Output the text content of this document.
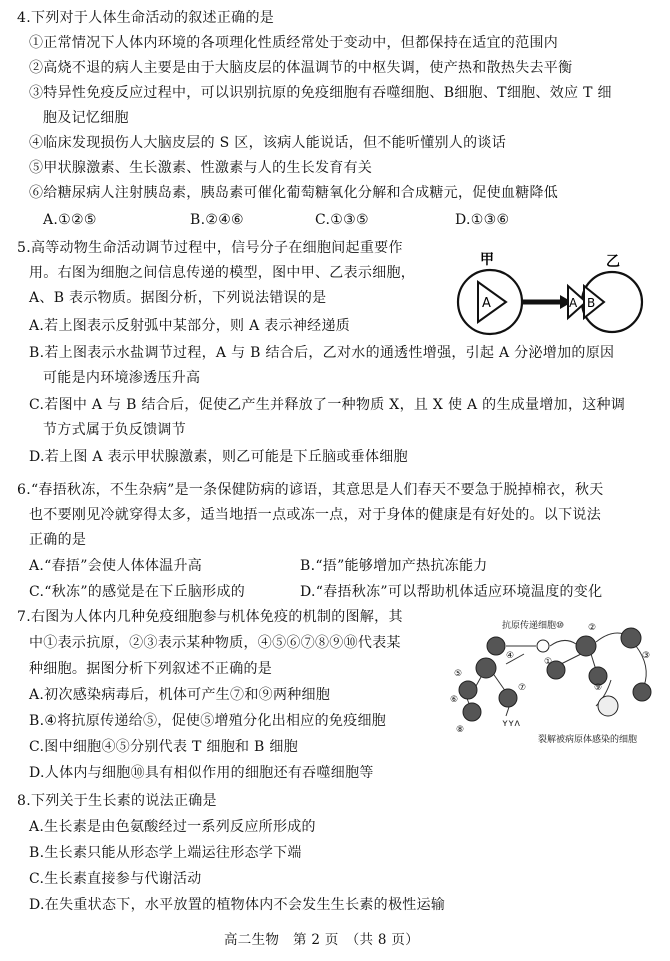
4.下列对于人体生命活动的叙述正确的是
①正常情况下人体内环境的各项理化性质经常处于变动中，但都保持在适宜的范围内
②高烧不退的病人主要是由于大脑皮层的体温调节的中枢失调，使产热和散热失去平衡
③特异性免疫反应过程中，可以识别抗原的免疫细胞有吞噬细胞、B细胞、T细胞、效应 T 细
胞及记忆细胞
④临床发现损伤人大脑皮层的 S 区，该病人能说话，但不能听懂别人的谈话
⑤甲状腺激素、生长激素、性激素与人的生长发育有关
⑥给糖尿病人注射胰岛素，胰岛素可催化葡萄糖氧化分解和合成糖元，促使血糖降低
A.①②⑤	B.②④⑥	C.①③⑤	D.①③⑥
5.高等动物生命活动调节过程中，信号分子在细胞间起重要作
用。右图为细胞之间信息传递的模型，图中甲、乙表示细胞，
A、B 表示物质。据图分析，下列说法错误的是
A.若上图表示反射弧中某部分，则 A 表示神经递质
B.若上图表示水盐调节过程，A 与 B 结合后，乙对水的通透性增强，引起 A 分泌增加的原因
可能是内环境渗透压升高
C.若图中 A 与 B 结合后，促使乙产生并释放了一种物质 X，且 X 使 A 的生成量增加，这种调
节方式属于负反馈调节
D.若上图 A 表示甲状腺激素，则乙可能是下丘脑或垂体细胞
甲
A
乙
A B
6.“春捂秋冻，不生杂病”是一条保健防病的谚语，其意思是人们春天不要急于脱掉棉衣，秋天
也不要刚见冷就穿得太多，适当地捂一点或冻一点，对于身体的健康是有好处的。以下说法
正确的是
A.“春捂”会使人体体温升高	B.“捂”能够增加产热抗冻能力
C.“秋冻”的感觉是在下丘脑形成的	D.“春捂秋冻”可以帮助机体适应环境温度的变化
7.右图为人体内几种免疫细胞参与机体免疫的机制的图解，其
中①表示抗原，②③表示某种物质，④⑤⑥⑦⑧⑨⑩代表某
种细胞。据图分析下列叙述不正确的是
A.初次感染病毒后，机体可产生⑦和⑨两种细胞
B.④将抗原传递给⑤，促使⑤增殖分化出相应的免疫细胞
C.图中细胞④⑤分别代表 T 细胞和 B 细胞
D.人体内与细胞⑩具有相似作用的细胞还有吞噬细胞等
抗原传递细胞⑩
①
②
③
④
⑤
⑥
⑦
⑧
⑨
裂解被病原体感染的细胞
ʏʏʌ
8.下列关于生长素的说法正确是
A.生长素是由色氨酸经过一系列反应所形成的
B.生长素只能从形态学上端运往形态学下端
C.生长素直接参与代谢活动
D.在失重状态下，水平放置的植物体内不会发生生长素的极性运输
高二生物　第 2 页　（共 8 页）
